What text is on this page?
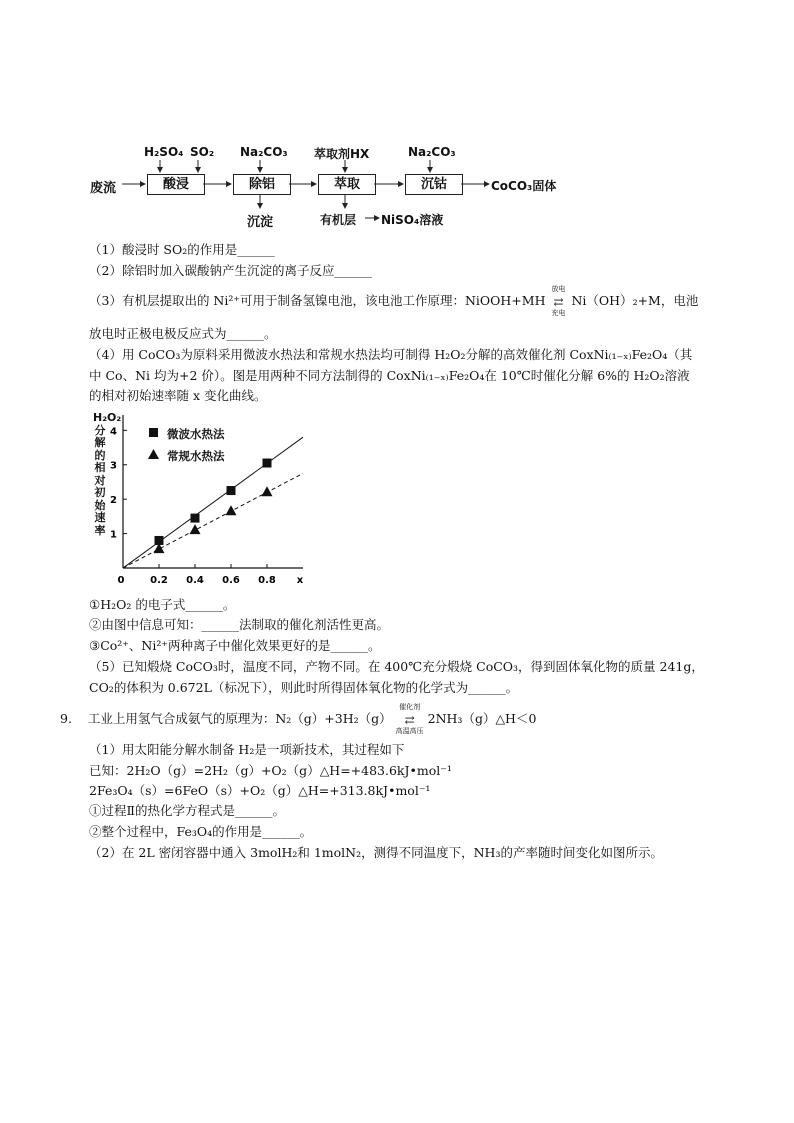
H₂SO₄ SO₂ Na₂CO₃ 萃取剂HX	Na₂CO₃
废流	酸浸	除铝	萃取	沉钴	CoCO₃固体
沉淀	有机层 NiSO₄溶液
（1）酸浸时 SO₂的作用是______
（2）除铝时加入碳酸钠产生沉淀的离子反应______
（3）有机层提取出的 Ni²⁺可用于制备氢镍电池，该电池工作原理：NiOOH+MH
放电
⇄
充电
Ni（OH）₂+M，电池
放电时正极电极反应式为______。
（4）用 CoCO₃为原料采用微波水热法和常规水热法均可制得 H₂O₂分解的高效催化剂 CoxNi₍₁₋ₓ₎Fe₂O₄（其
中 Co、Ni 均为+2 价）。图是用两种不同方法制得的 CoxNi₍₁₋ₓ₎Fe₂O₄在 10℃时催化分解 6%的 H₂O₂溶液
的相对初始速率随 x 变化曲线。
H₂O₂分解的相对初始速率 1
2
3
4
0	0.2 0.4 0.6 0.8 x
微波水热法
常规水热法
①H₂O₂ 的电子式______。
②由图中信息可知：______法制取的催化剂活性更高。
③Co²⁺、Ni²⁺两种离子中催化效果更好的是______。
（5）已知煅烧 CoCO₃时，温度不同，产物不同。在 400℃充分煅烧 CoCO₃，得到固体氧化物的质量 241g，
CO₂的体积为 0.672L（标况下），则此时所得固体氧化物的化学式为______。
9. 工业上用氢气合成氨气的原理为：N₂（g）+3H₂（g）
催化剂
⇄
高温高压
2NH₃（g）△H＜0
（1）用太阳能分解水制备 H₂是一项新技术，其过程如下
已知：2H₂O（g）=2H₂（g）+O₂（g）△H=+483.6kJ•mol⁻¹
2Fe₃O₄（s）=6FeO（s）+O₂（g）△H=+313.8kJ•mol⁻¹
①过程Ⅱ的热化学方程式是______。
②整个过程中，Fe₃O₄的作用是______。
（2）在 2L 密闭容器中通入 3molH₂和 1molN₂，测得不同温度下，NH₃的产率随时间变化如图所示。
